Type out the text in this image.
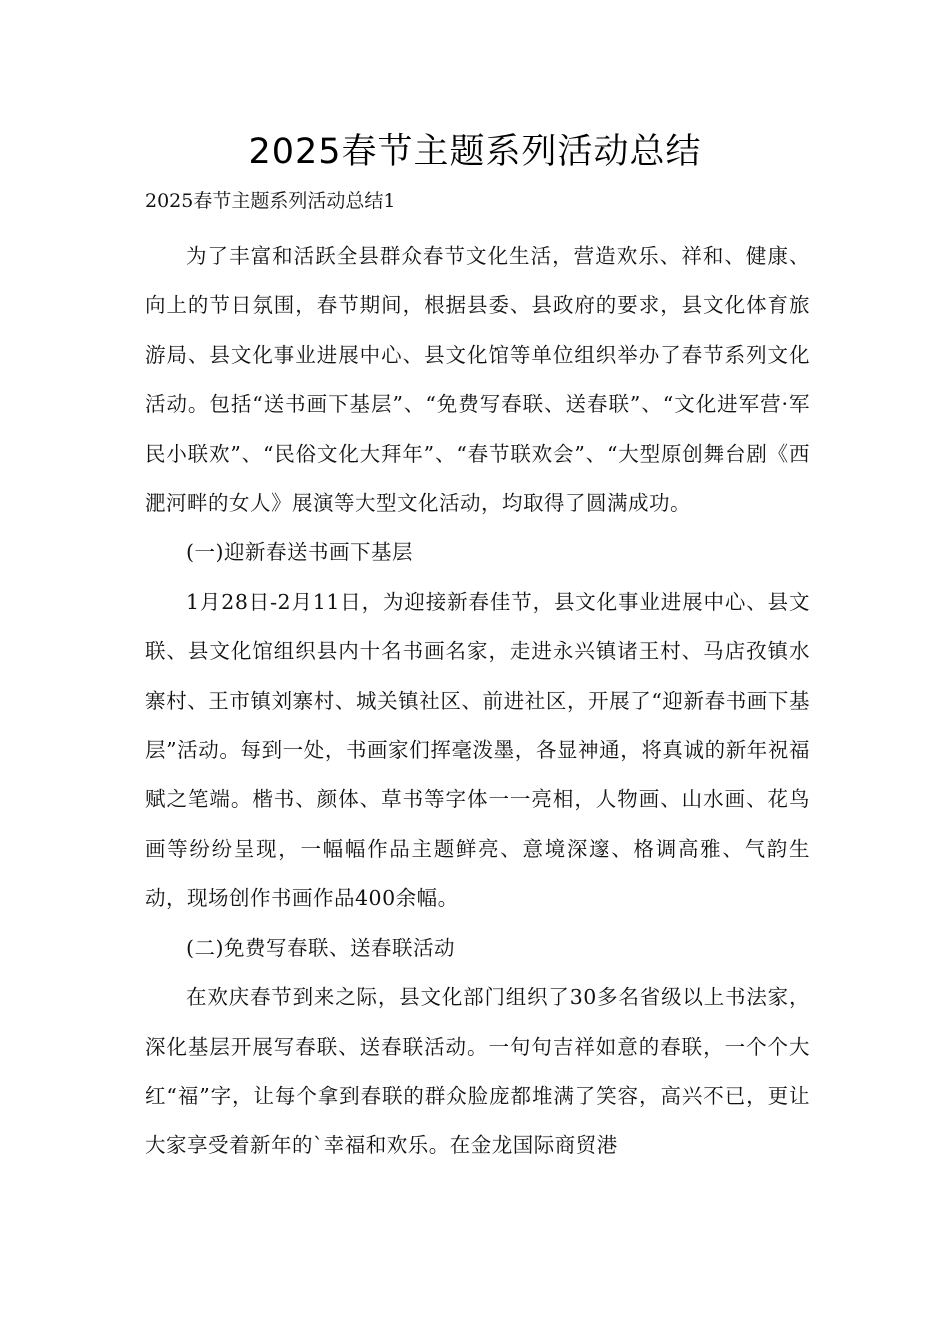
2025春节主题系列活动总结

2025春节主题系列活动总结1

为了丰富和活跃全县群众春节文化生活，营造欢乐、祥和、健康、向上的节日氛围，春节期间，根据县委、县政府的要求，县文化体育旅游局、县文化事业进展中心、县文化馆等单位组织举办了春节系列文化活动。包括“送书画下基层”、“免费写春联、送春联”、“文化进军营·军民小联欢”、“民俗文化大拜年”、“春节联欢会”、“大型原创舞台剧《西淝河畔的女人》展演等大型文化活动，均取得了圆满成功。

(一)迎新春送书画下基层

1月28日-2月11日，为迎接新春佳节，县文化事业进展中心、县文联、县文化馆组织县内十名书画名家，走进永兴镇诸王村、马店孜镇水寨村、王市镇刘寨村、城关镇社区、前进社区，开展了“迎新春书画下基层”活动。每到一处，书画家们挥毫泼墨，各显神通，将真诚的新年祝福赋之笔端。楷书、颜体、草书等字体一一亮相，人物画、山水画、花鸟画等纷纷呈现，一幅幅作品主题鲜亮、意境深邃、格调高雅、气韵生动，现场创作书画作品400余幅。

(二)免费写春联、送春联活动

在欢庆春节到来之际，县文化部门组织了30多名省级以上书法家，深化基层开展写春联、送春联活动。一句句吉祥如意的春联，一个个大红“福”字，让每个拿到春联的群众脸庞都堆满了笑容，高兴不已，更让大家享受着新年的`幸福和欢乐。在金龙国际商贸港
